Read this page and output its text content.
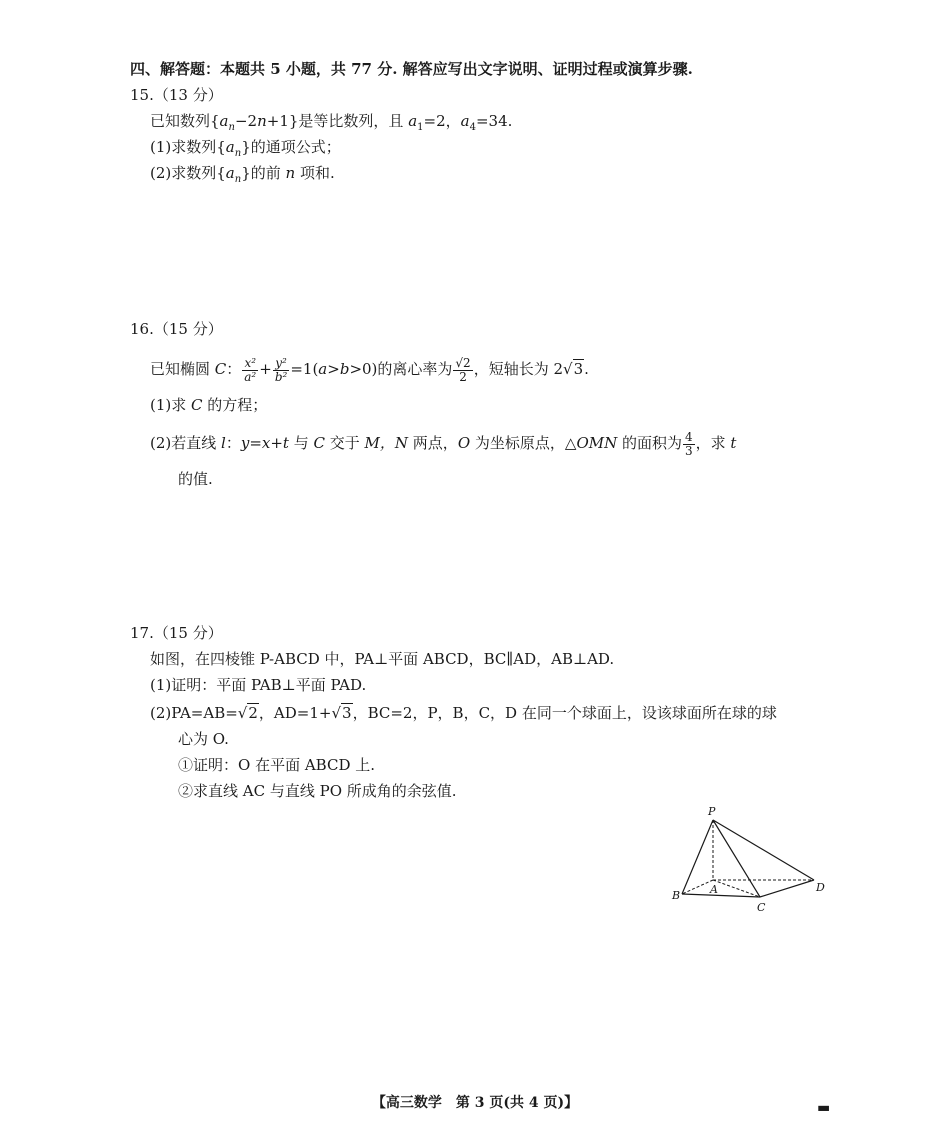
四、解答题：本题共 5 小题，共 77 分. 解答应写出文字说明、证明过程或演算步骤.
15.（13 分）
已知数列$\{a_n-2n+1\}$是等比数列，且 $a_1=2$，$a_4=34$.
(1)求数列$\{a_n\}$的通项公式；
(2)求数列$\{a_n\}$的前 n 项和.
16.（15 分）
已知椭圆 C： $\frac{\text{x²}}{\text{a²}} + \frac{\text{y²}}{\text{b²}} =1(a>b>0)$的离心率为 $\frac{√2}{2}$ ，短轴长为 2√3.
(1)求 C 的方程；
(2)若直线 l：y=x+t 与 C 交于 M，N 两点，O 为坐标原点，△OMN 的面积为 $\frac{4}{3}$ ，求 t
的值.
17.（15 分）
如图，在四棱锥 P-ABCD 中，PA⊥平面 ABCD，BC∥AD，AB⊥AD.
(1)证明：平面 PAB⊥平面 PAD.
(2)PA=AB=√2，AD=1+√3，BC=2，P，B，C，D 在同一个球面上，设该球面所在球的球
心为 O.
①证明：O 在平面 ABCD 上.
②求直线 AC 与直线 PO 所成角的余弦值.
P
A
B
C
D
【高三数学　第 3 页(共 4 页)】	▬
